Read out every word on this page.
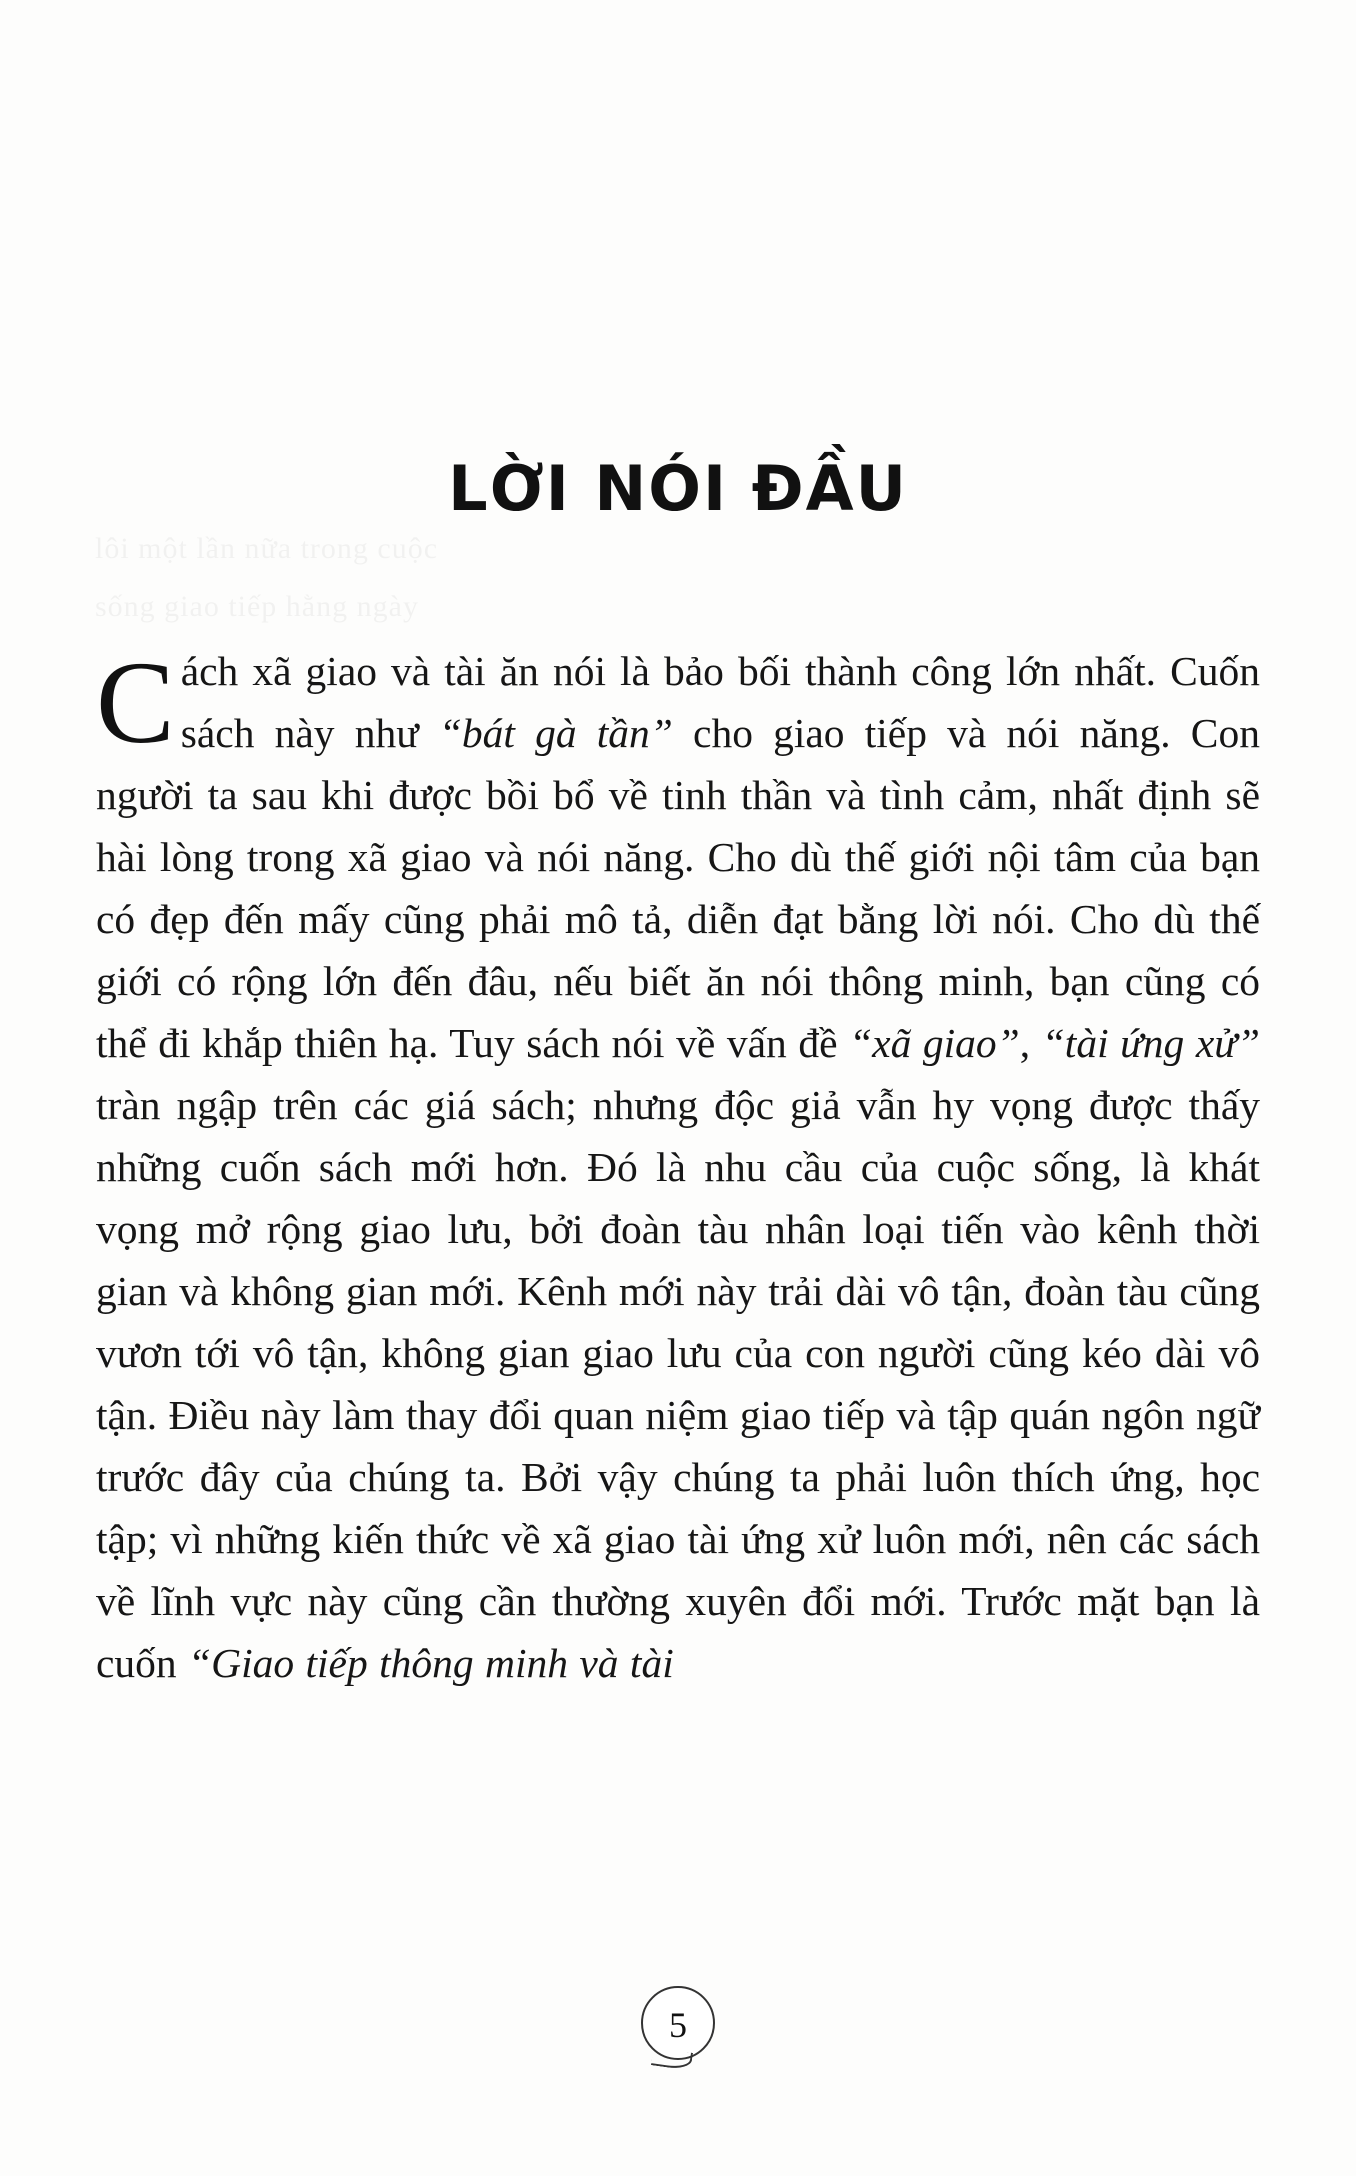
LỜI NÓI ĐẦU
Cách xã giao và tài ăn nói là bảo bối thành công lớn nhất. Cuốn sách này như “bát gà tần” cho giao tiếp và nói năng. Con người ta sau khi được bồi bổ về tinh thần và tình cảm, nhất định sẽ hài lòng trong xã giao và nói năng. Cho dù thế giới nội tâm của bạn có đẹp đến mấy cũng phải mô tả, diễn đạt bằng lời nói. Cho dù thế giới có rộng lớn đến đâu, nếu biết ăn nói thông minh, bạn cũng có thể đi khắp thiên hạ. Tuy sách nói về vấn đề “xã giao”, “tài ứng xử” tràn ngập trên các giá sách; nhưng độc giả vẫn hy vọng được thấy những cuốn sách mới hơn. Đó là nhu cầu của cuộc sống, là khát vọng mở rộng giao lưu, bởi đoàn tàu nhân loại tiến vào kênh thời gian và không gian mới. Kênh mới này trải dài vô tận, đoàn tàu cũng vươn tới vô tận, không gian giao lưu của con người cũng kéo dài vô tận. Điều này làm thay đổi quan niệm giao tiếp và tập quán ngôn ngữ trước đây của chúng ta. Bởi vậy chúng ta phải luôn thích ứng, học tập; vì những kiến thức về xã giao tài ứng xử luôn mới, nên các sách về lĩnh vực này cũng cần thường xuyên đổi mới. Trước mặt bạn là cuốn “Giao tiếp thông minh và tài
5
